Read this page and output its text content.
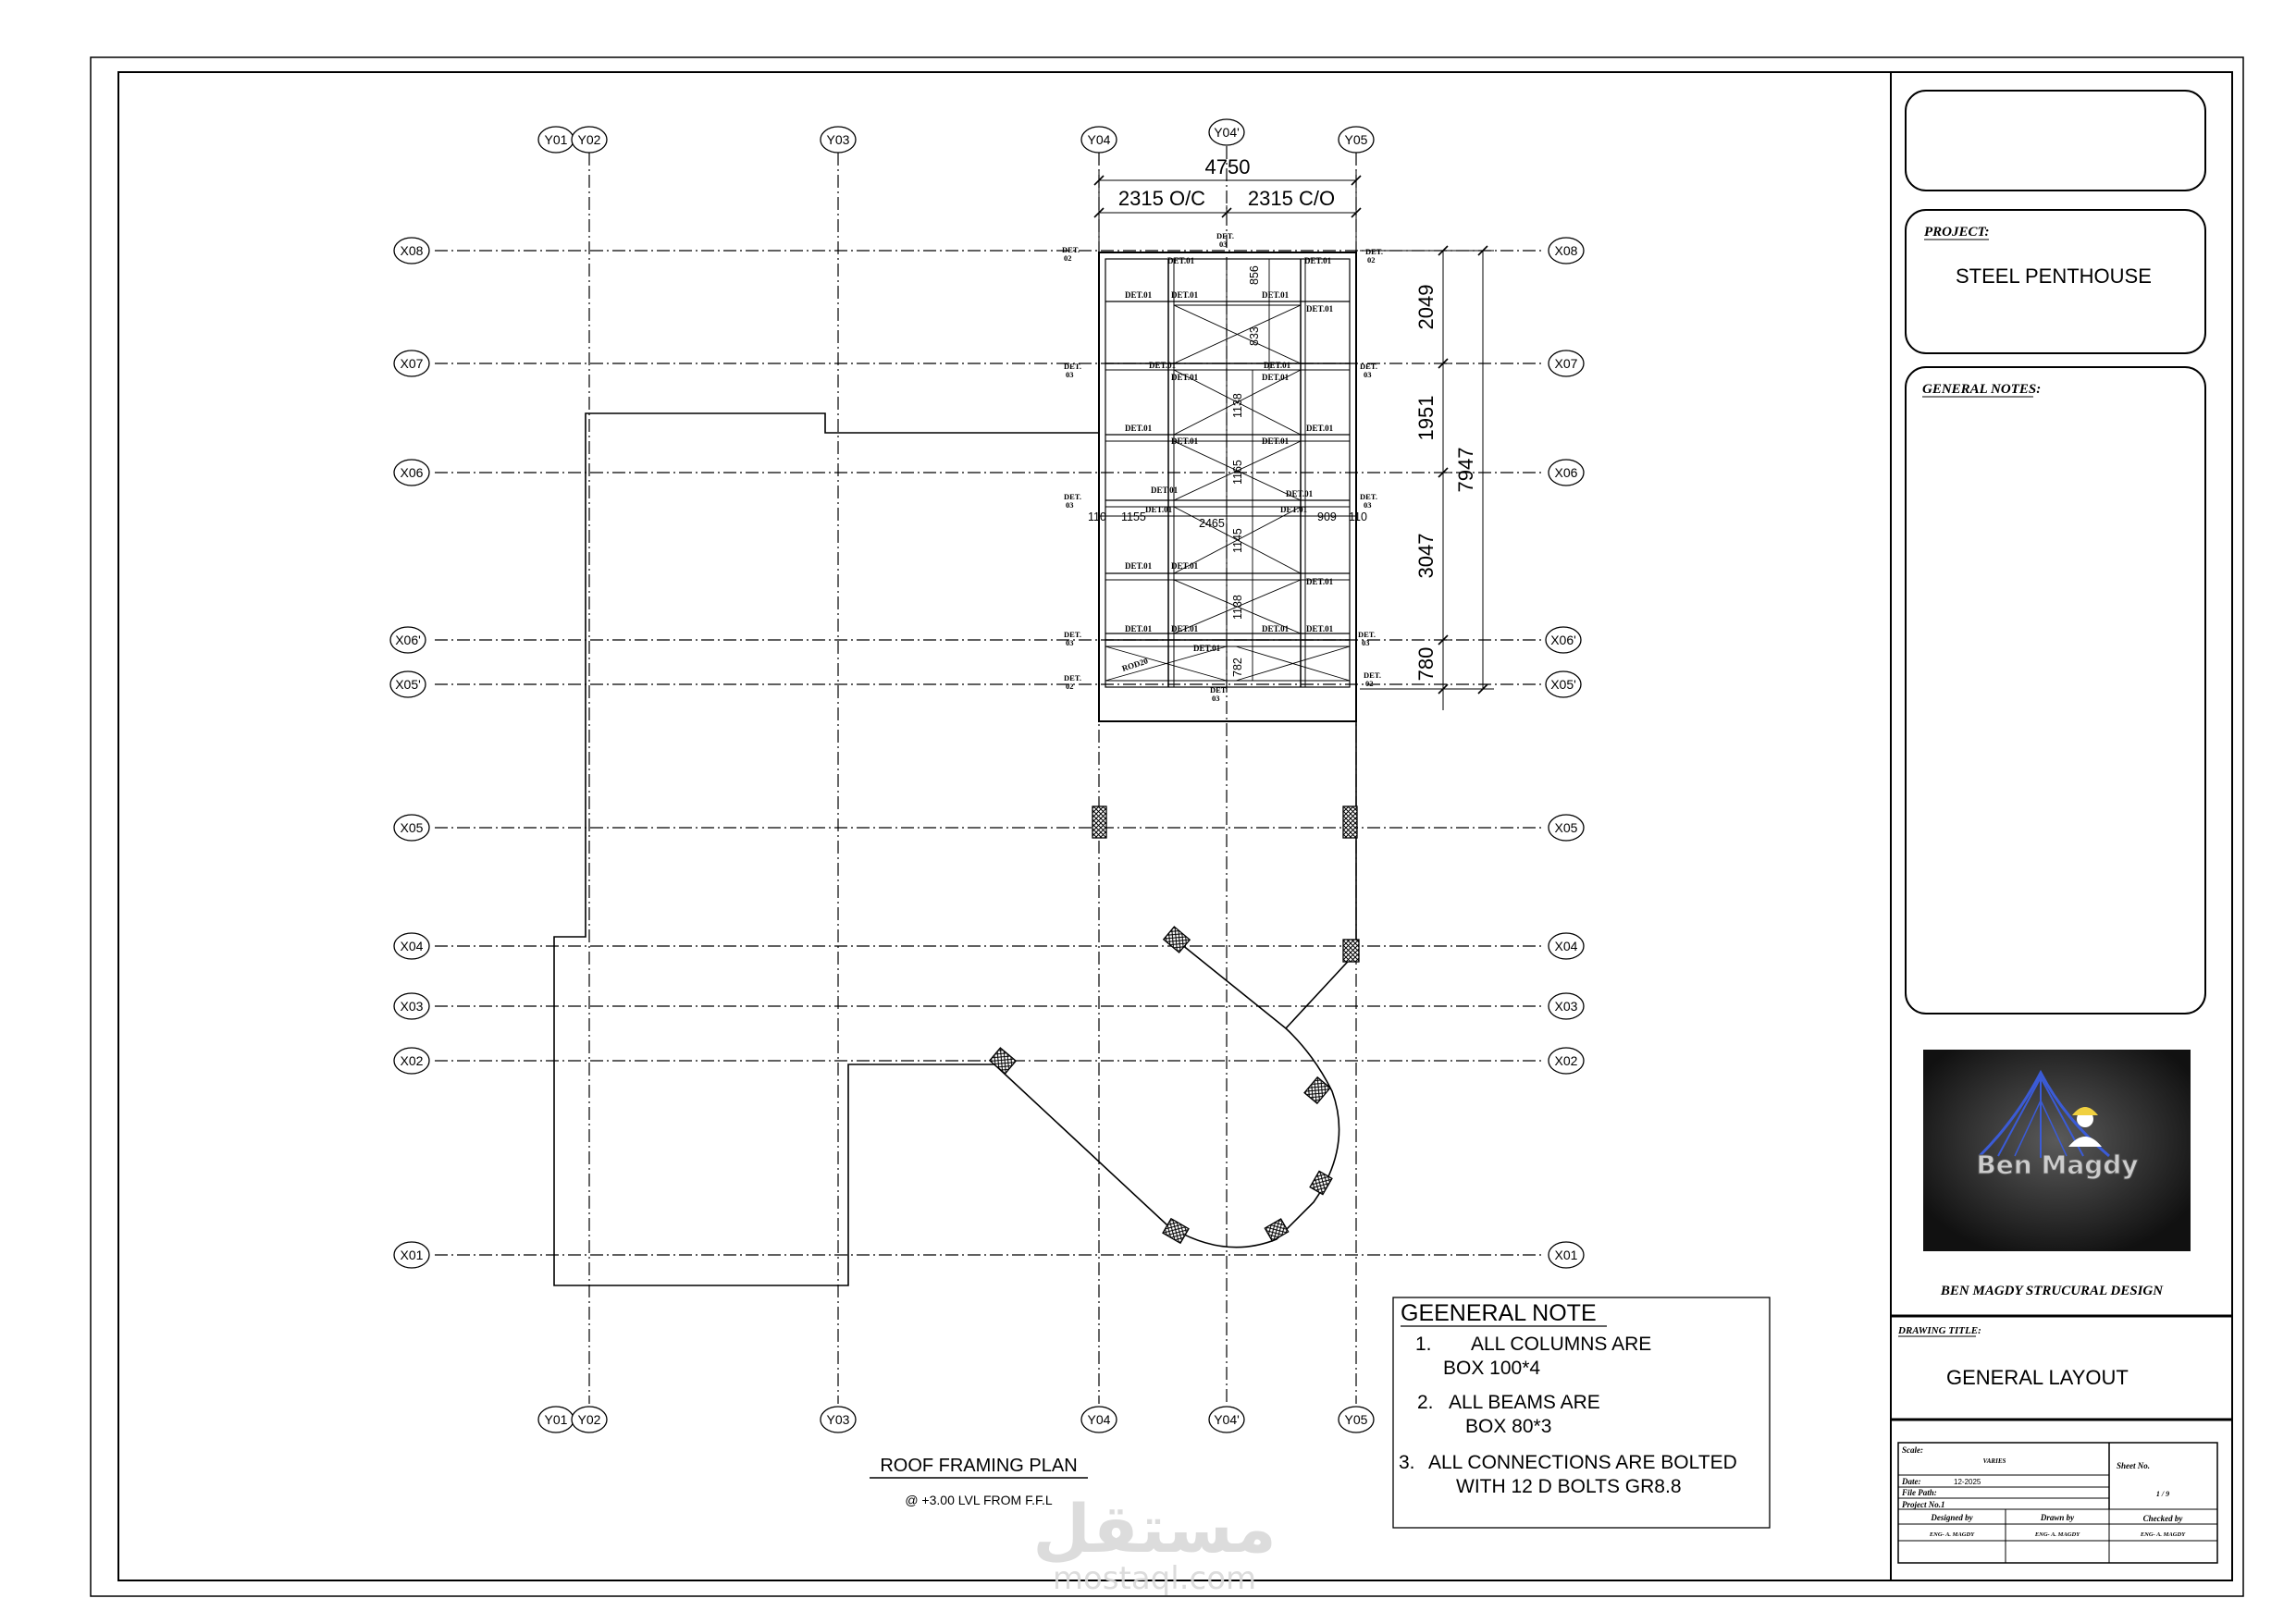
Y01 Y02	Y03	Y04	Y04'	Y05
Y01 Y02	Y03	Y04	Y04'	Y05
X08	X08
X07	X07
X06	X06
X06'	X06'
X05'	X05'
X05	X05
X04	X04
X03	X03
X02	X02
X01	X01
DET.01	DET.01
DET.01 DET.01	DET.01
DET.01
DET.01	DET.01
DET.01	DET.01
DET.01	DET.01
DET.01	DET.01
DET.01	DET.01
DET.01	DET.01
DET.01 DET.01
DET.01
DET.01 DET.01	DET.01 DET.01
DET.01
ROD20
DET.
02
DET.
02
DET.
03
DET.
03
DET.
03
DET.
03
DET.
03
DET.
03
DET.
03
DET.
02
DET.
02
DET.
03
856
833
1138
1165
1145
1138
782
110 1155	2465	909 110
4750
2315 O/C 2315 C/O
2049
1951
3047
780
7947
ROOF FRAMING PLAN
@ +3.00 LVL FROM F.F.L
GEENERAL NOTE
1. ALL COLUMNS ARE
BOX 100*4
2. ALL BEAMS ARE
BOX 80*3
3. ALL CONNECTIONS ARE BOLTED
WITH 12 D BOLTS GR8.8
مستقل
mostaql.com
PROJECT:
STEEL PENTHOUSE
GENERAL NOTES:
Ben Magdy
BEN MAGDY STRUCURAL DESIGN
DRAWING TITLE:
GENERAL LAYOUT
Scale:
VARIES
Date:	12-2025
File Path:
Project No.1
Sheet No.
1 / 9
Designed by	Drawn by	Checked by
ENG- A. MAGDY	ENG- A. MAGDY	ENG- A. MAGDY
